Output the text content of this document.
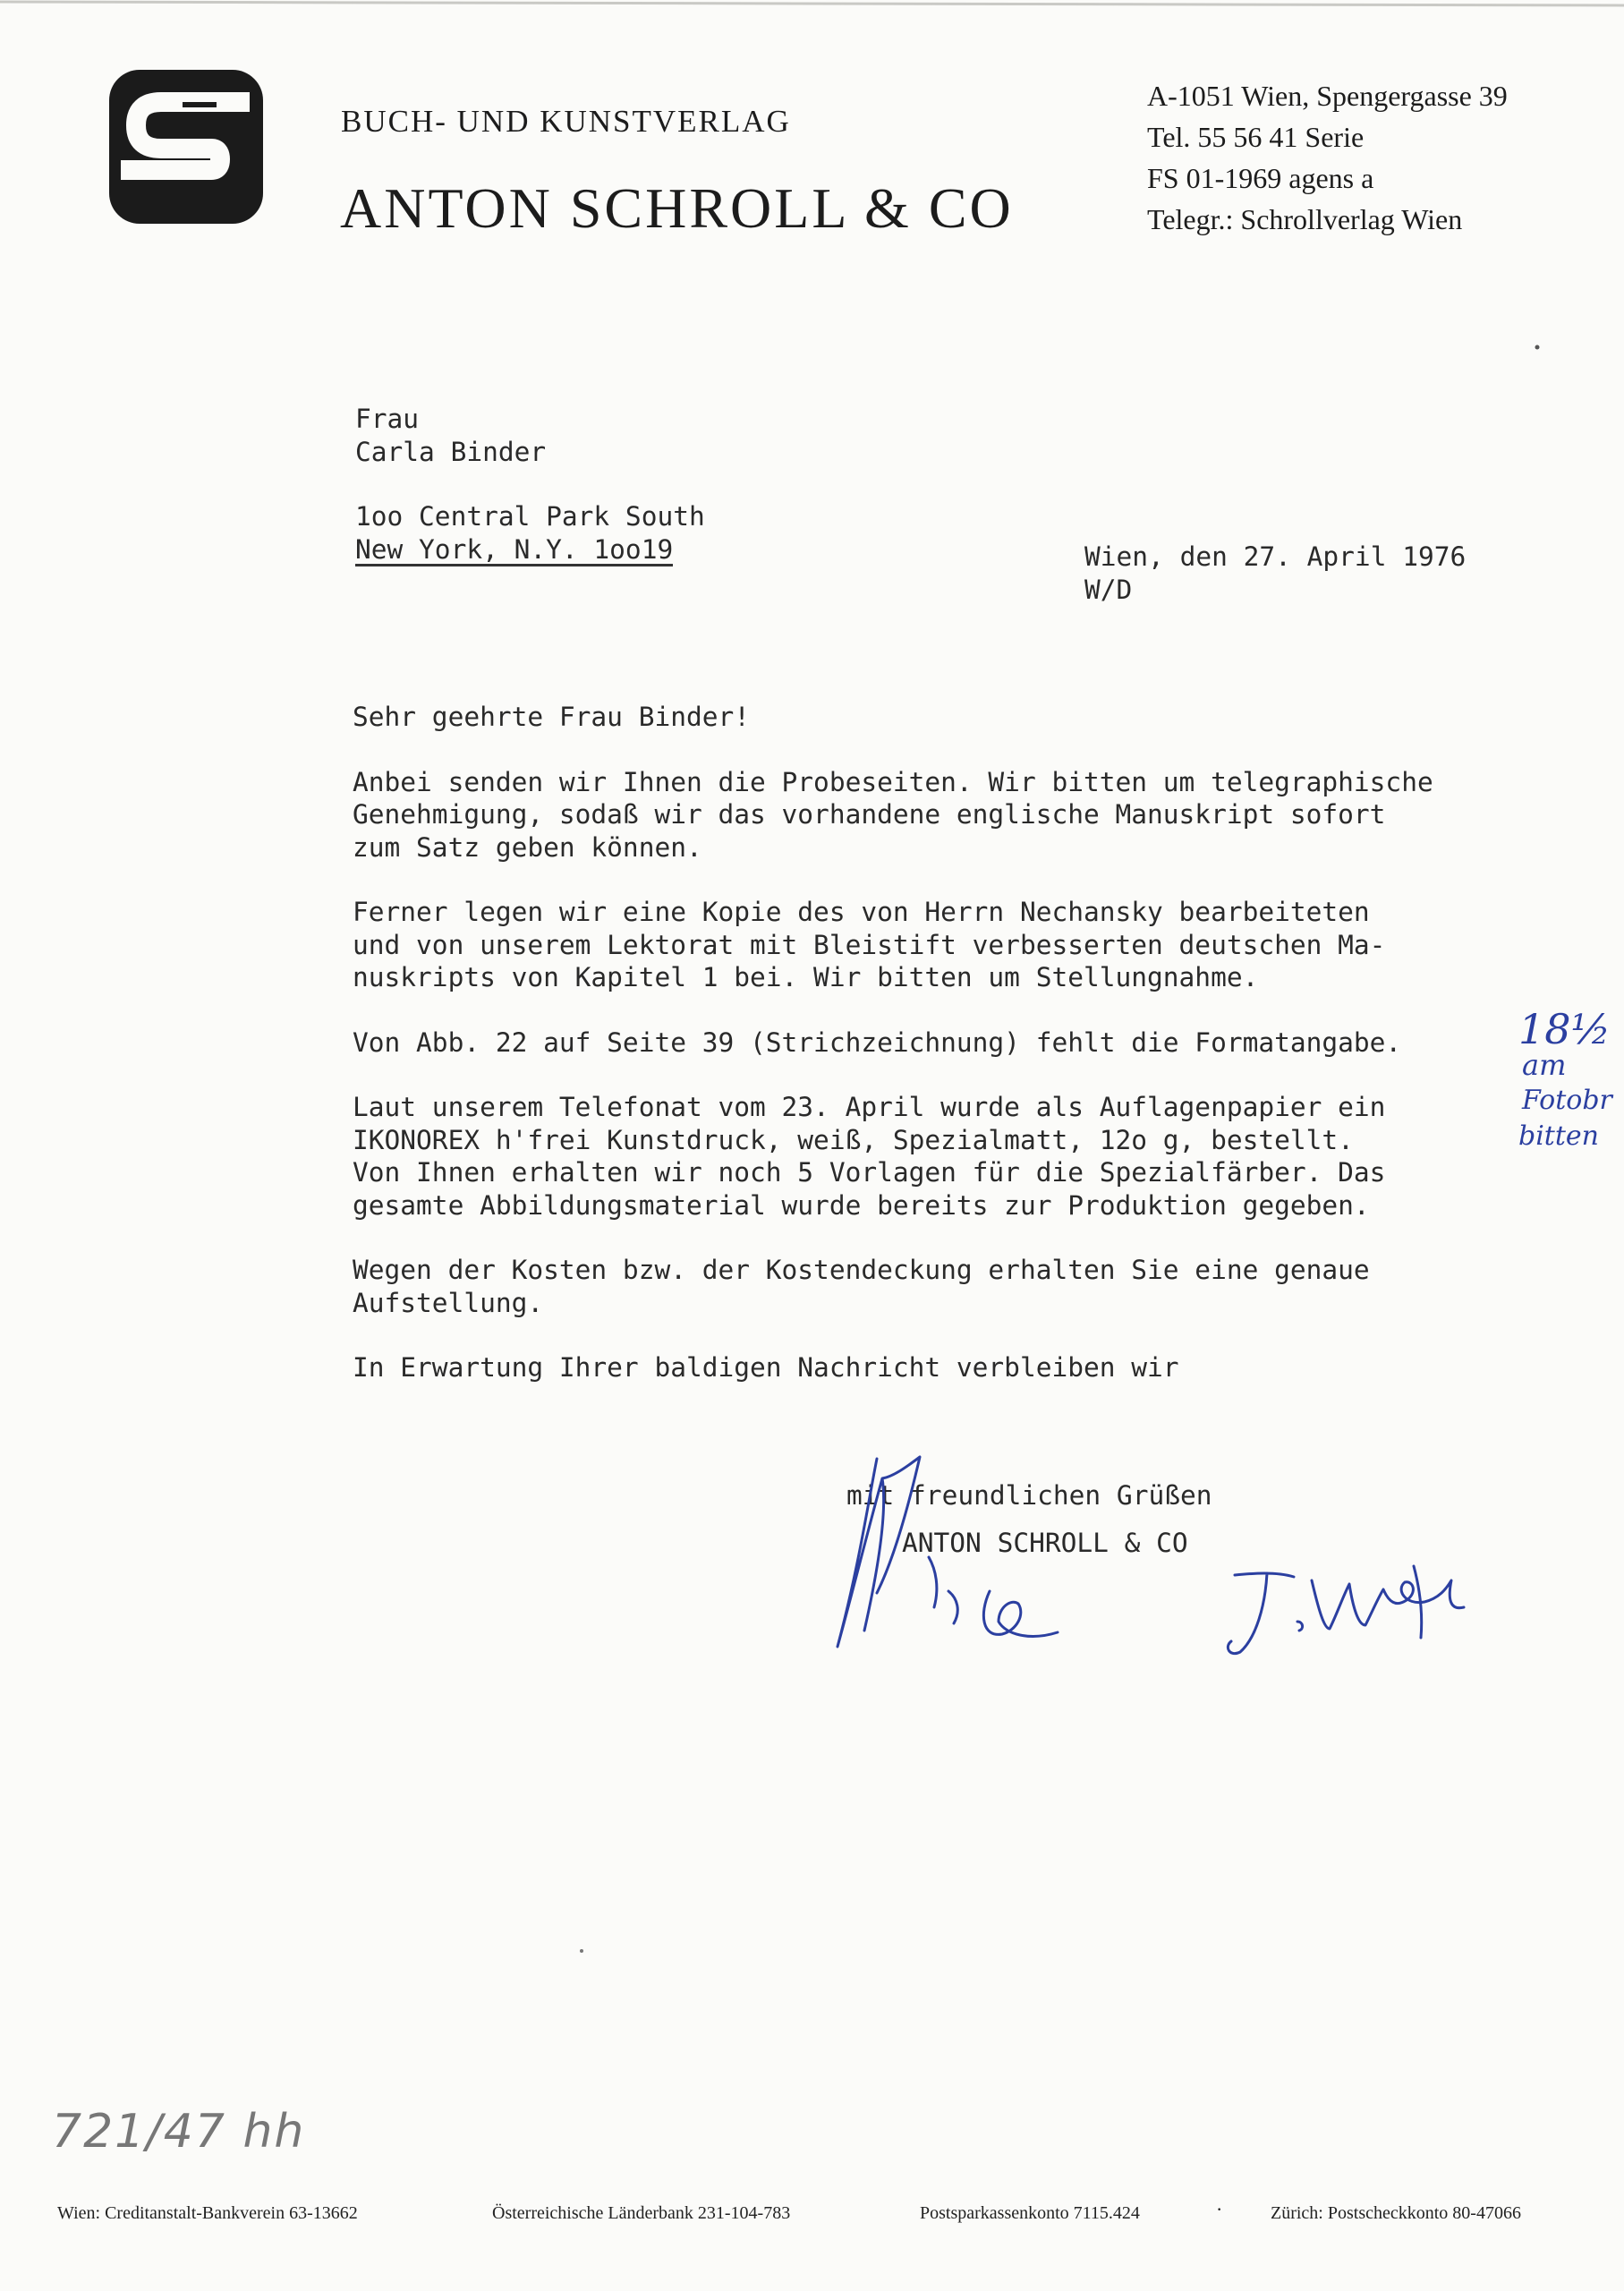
BUCH- UND KUNSTVERLAG
ANTON SCHROLL & CO
A-1051 Wien, Spengergasse 39
Tel. 55 56 41 Serie
FS 01-1969 agens a
Telegr.: Schrollverlag Wien
Frau
Carla Binder
1oo Central Park South
New York, N.Y. 1oo19	Wien, den 27. April 1976
W/D

Sehr geehrte Frau Binder!

Anbei senden wir Ihnen die Probeseiten. Wir bitten um telegraphische
Genehmigung, sodaß wir das vorhandene englische Manuskript sofort
zum Satz geben können.

Ferner legen wir eine Kopie des von Herrn Nechansky bearbeiteten
und von unserem Lektorat mit Bleistift verbesserten deutschen Ma-
nuskripts von Kapitel 1 bei. Wir bitten um Stellungnahme.

Von Abb. 22 auf Seite 39 (Strichzeichnung) fehlt die Formatangabe.

Laut unserem Telefonat vom 23. April wurde als Auflagenpapier ein
IKONOREX h'frei Kunstdruck, weiß, Spezialmatt, 12o g, bestellt.
Von Ihnen erhalten wir noch 5 Vorlagen für die Spezialfärber. Das
gesamte Abbildungsmaterial wurde bereits zur Produktion gegeben.

Wegen der Kosten bzw. der Kostendeckung erhalten Sie eine genaue
Aufstellung.

In Erwartung Ihrer baldigen Nachricht verbleiben wir

mit freundlichen Grüßen
ANTON SCHROLL & CO
18½
am
Fotobr
bitten
721/47 hh
Wien: Creditanstalt-Bankverein 63-13662	Österreichische Länderbank 231-104-783	Postsparkassenkonto 7115.424	·	Zürich: Postscheckkonto 80-47066
